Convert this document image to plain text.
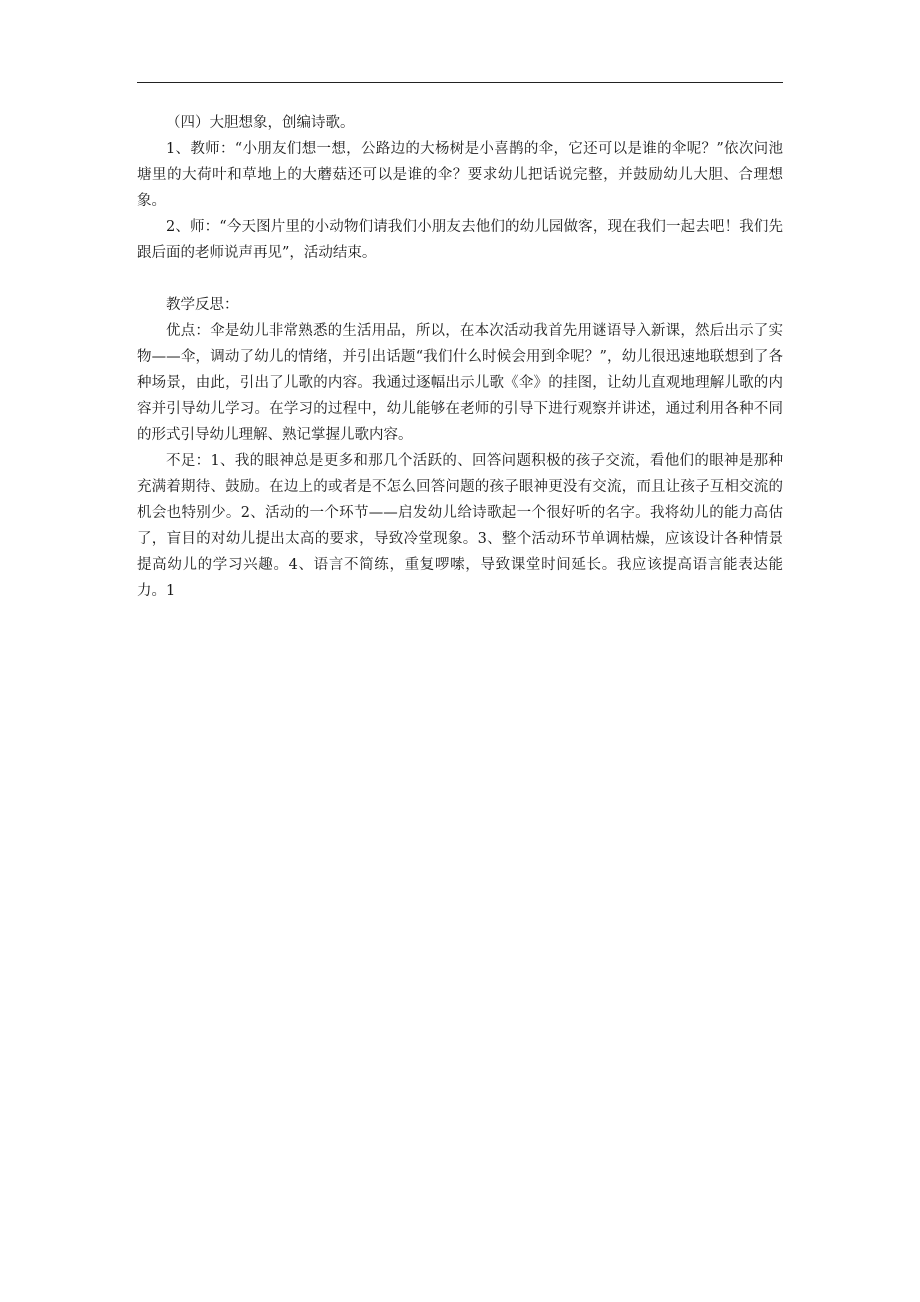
（四）大胆想象，创编诗歌。

1、教师：“小朋友们想一想，公路边的大杨树是小喜鹊的伞，它还可以是谁的伞呢？”依次问池塘里的大荷叶和草地上的大蘑菇还可以是谁的伞？要求幼儿把话说完整，并鼓励幼儿大胆、合理想象。

2、师：“今天图片里的小动物们请我们小朋友去他们的幼儿园做客，现在我们一起去吧！我们先跟后面的老师说声再见”，活动结束。

教学反思：

优点：伞是幼儿非常熟悉的生活用品，所以，在本次活动我首先用谜语导入新课，然后出示了实物——伞，调动了幼儿的情绪，并引出话题“我们什么时候会用到伞呢？”，幼儿很迅速地联想到了各种场景，由此，引出了儿歌的内容。我通过逐幅出示儿歌《伞》的挂图，让幼儿直观地理解儿歌的内容并引导幼儿学习。在学习的过程中，幼儿能够在老师的引导下进行观察并讲述，通过利用各种不同的形式引导幼儿理解、熟记掌握儿歌内容。

不足：1、我的眼神总是更多和那几个活跃的、回答问题积极的孩子交流，看他们的眼神是那种充满着期待、鼓励。在边上的或者是不怎么回答问题的孩子眼神更没有交流，而且让孩子互相交流的机会也特别少。2、活动的一个环节——启发幼儿给诗歌起一个很好听的名字。我将幼儿的能力高估了，盲目的对幼儿提出太高的要求，导致冷堂现象。3、整个活动环节单调枯燥，应该设计各种情景提高幼儿的学习兴趣。4、语言不简练，重复啰嗦，导致课堂时间延长。我应该提高语言能表达能力。1
